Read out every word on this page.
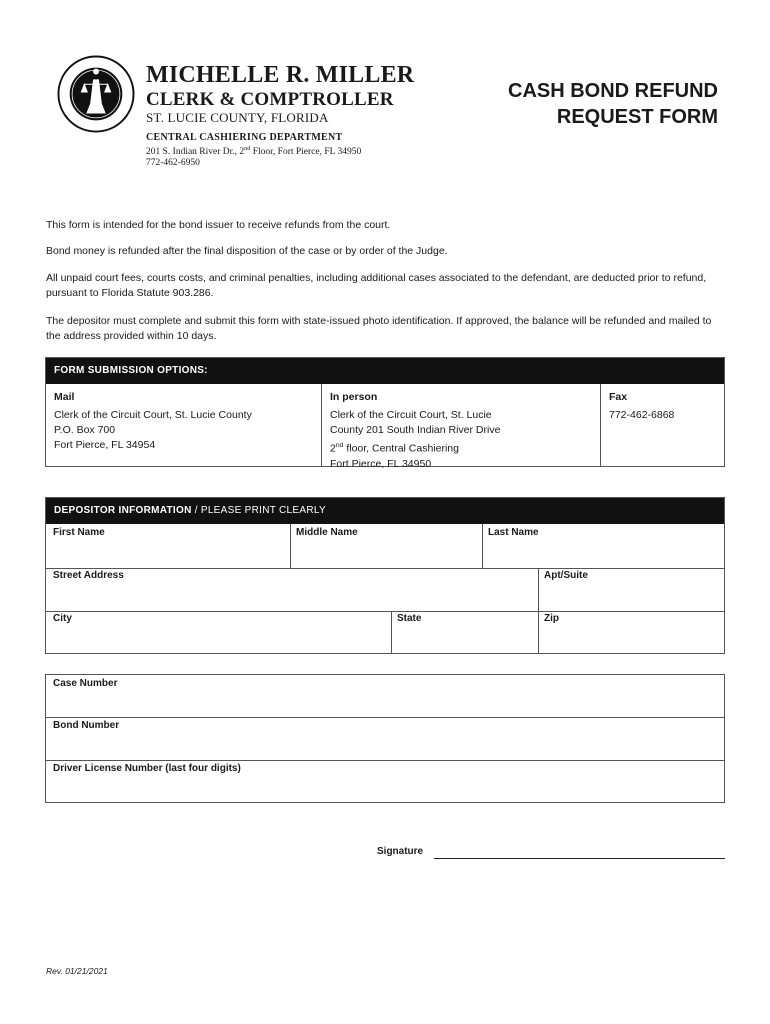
MICHELLE R. MILLER
CLERK & COMPTROLLER
ST. LUCIE COUNTY, FLORIDA
CENTRAL CASHIERING DEPARTMENT
201 S. Indian River Dr., 2nd Floor, Fort Pierce, FL 34950
772-462-6950
CASH BOND REFUND
REQUEST FORM
This form is intended for the bond issuer to receive refunds from the court.
Bond money is refunded after the final disposition of the case or by order of the Judge.
All unpaid court fees, courts costs, and criminal penalties, including additional cases associated to the defendant, are deducted prior to refund, pursuant to Florida Statute 903.286.
The depositor must complete and submit this form with state-issued photo identification. If approved, the balance will be refunded and mailed to the address provided within 10 days.
FORM SUBMISSION OPTIONS:
Mail
Clerk of the Circuit Court, St. Lucie County
P.O. Box 700
Fort Pierce, FL 34954
In person
Clerk of the Circuit Court, St. Lucie
County 201 South Indian River Drive
2nd floor, Central Cashiering
Fort Pierce, FL 34950
Fax
772-462-6868
DEPOSITOR INFORMATION / PLEASE PRINT CLEARLY
First Name	Middle Name	Last Name
Street Address	Apt/Suite
City	State	Zip
Case Number
Bond Number
Driver License Number (last four digits)
Signature
Rev. 01/21/2021
